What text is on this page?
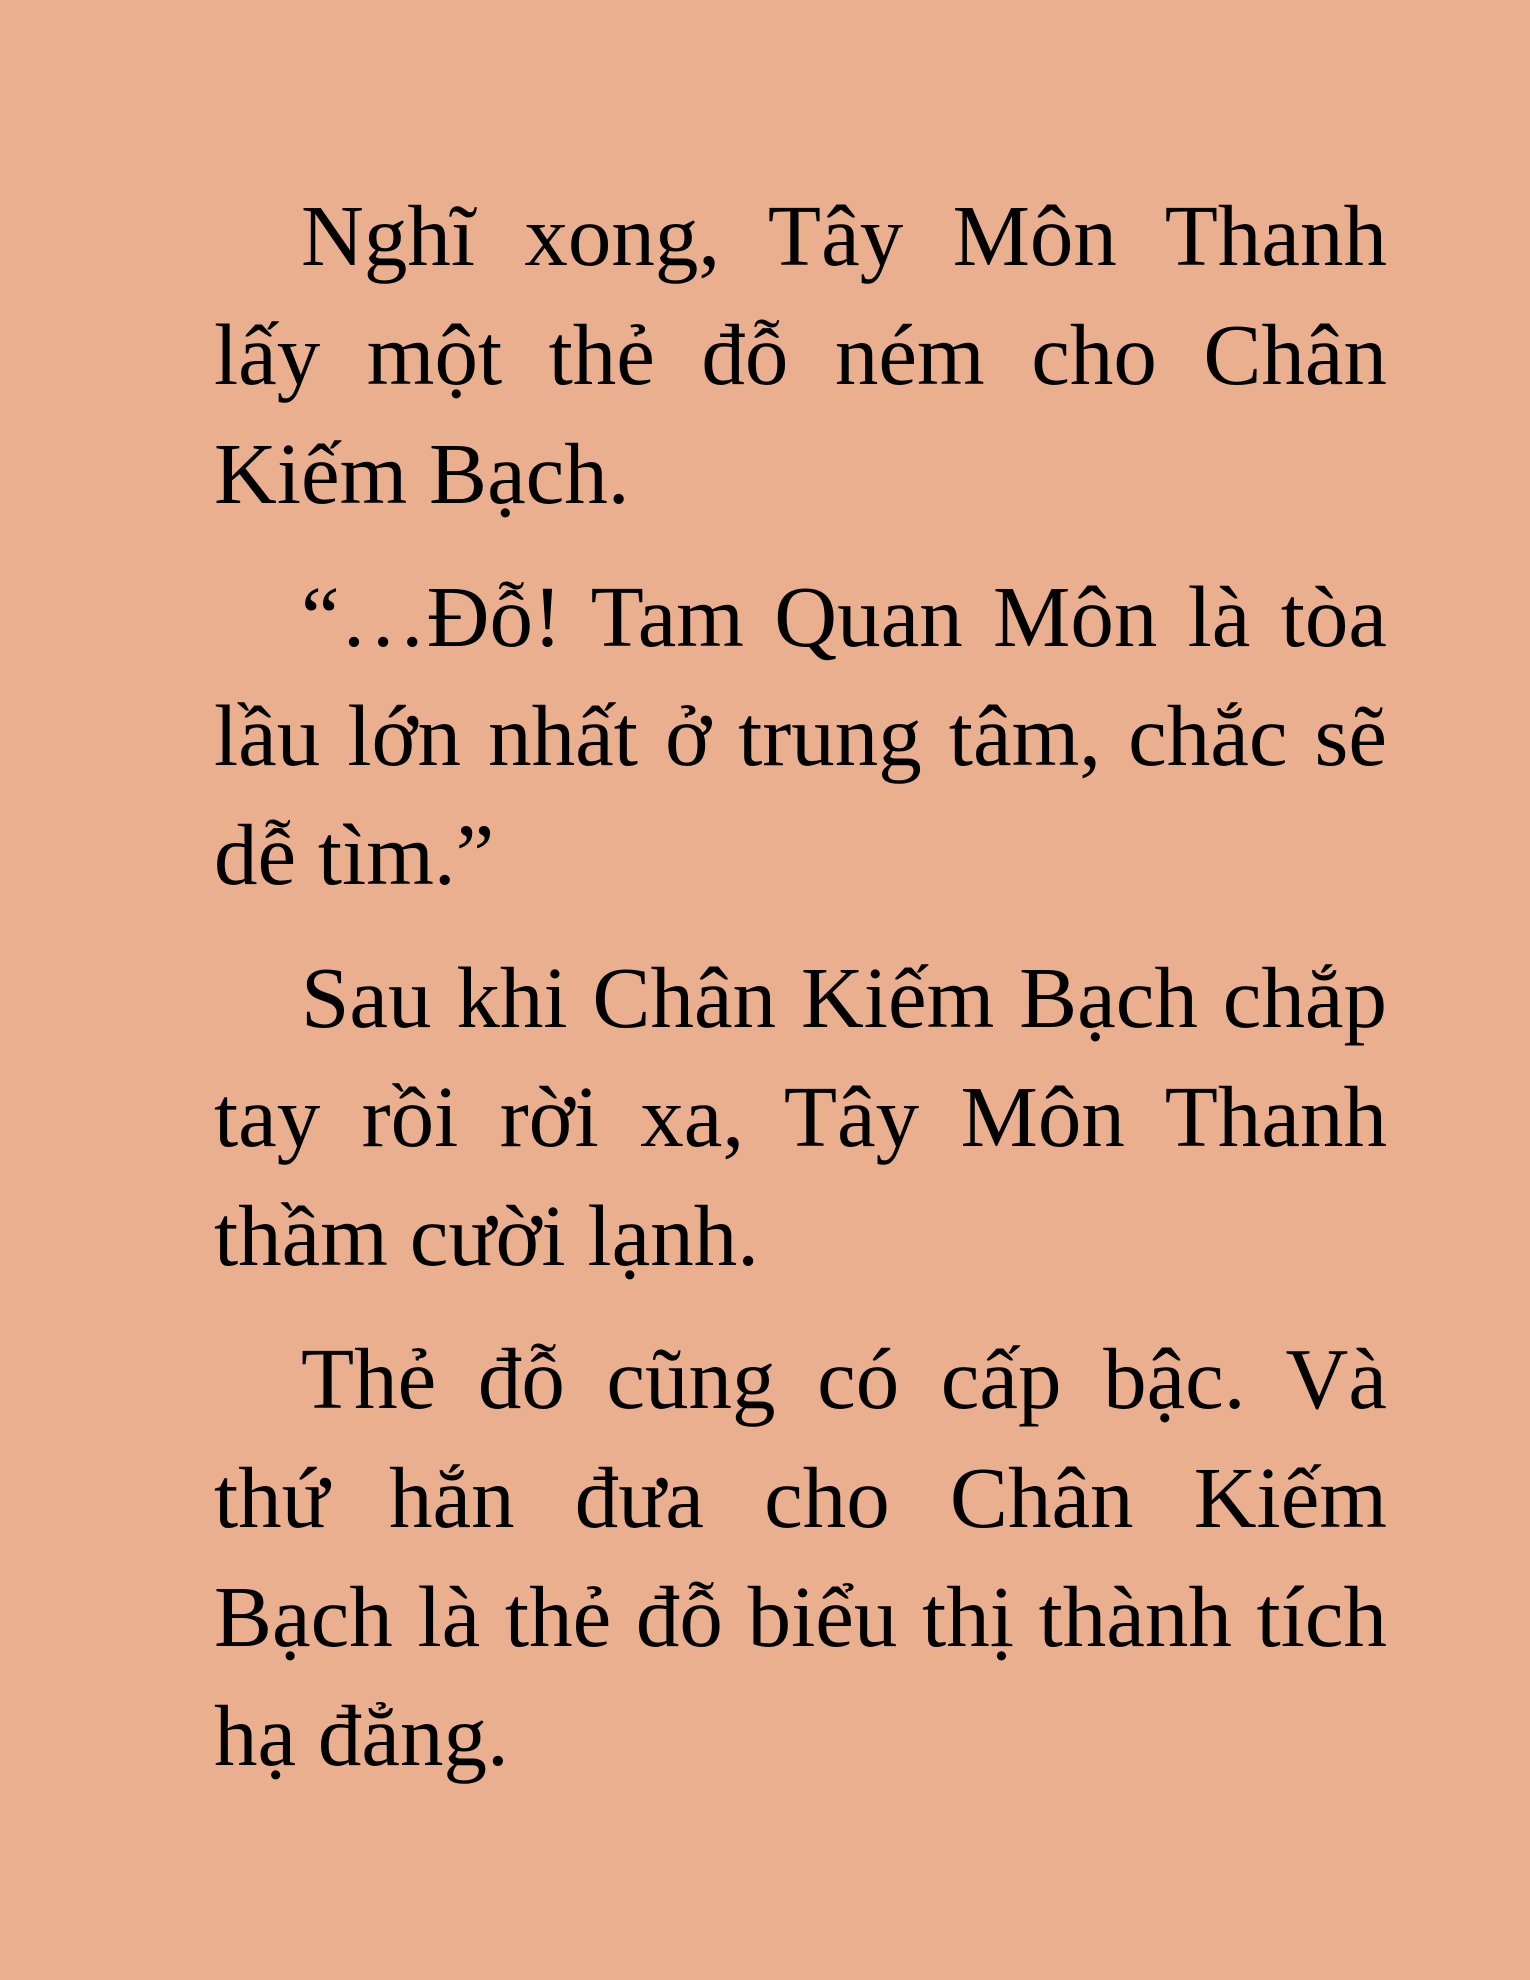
Nghĩ xong, Tây Môn Thanh lấy một thẻ đỗ ném cho Chân Kiếm Bạch.

“…Đỗ! Tam Quan Môn là tòa lầu lớn nhất ở trung tâm, chắc sẽ dễ tìm.”

Sau khi Chân Kiếm Bạch chắp tay rồi rời xa, Tây Môn Thanh thầm cười lạnh.

Thẻ đỗ cũng có cấp bậc. Và thứ hắn đưa cho Chân Kiếm Bạch là thẻ đỗ biểu thị thành tích hạ đẳng.
